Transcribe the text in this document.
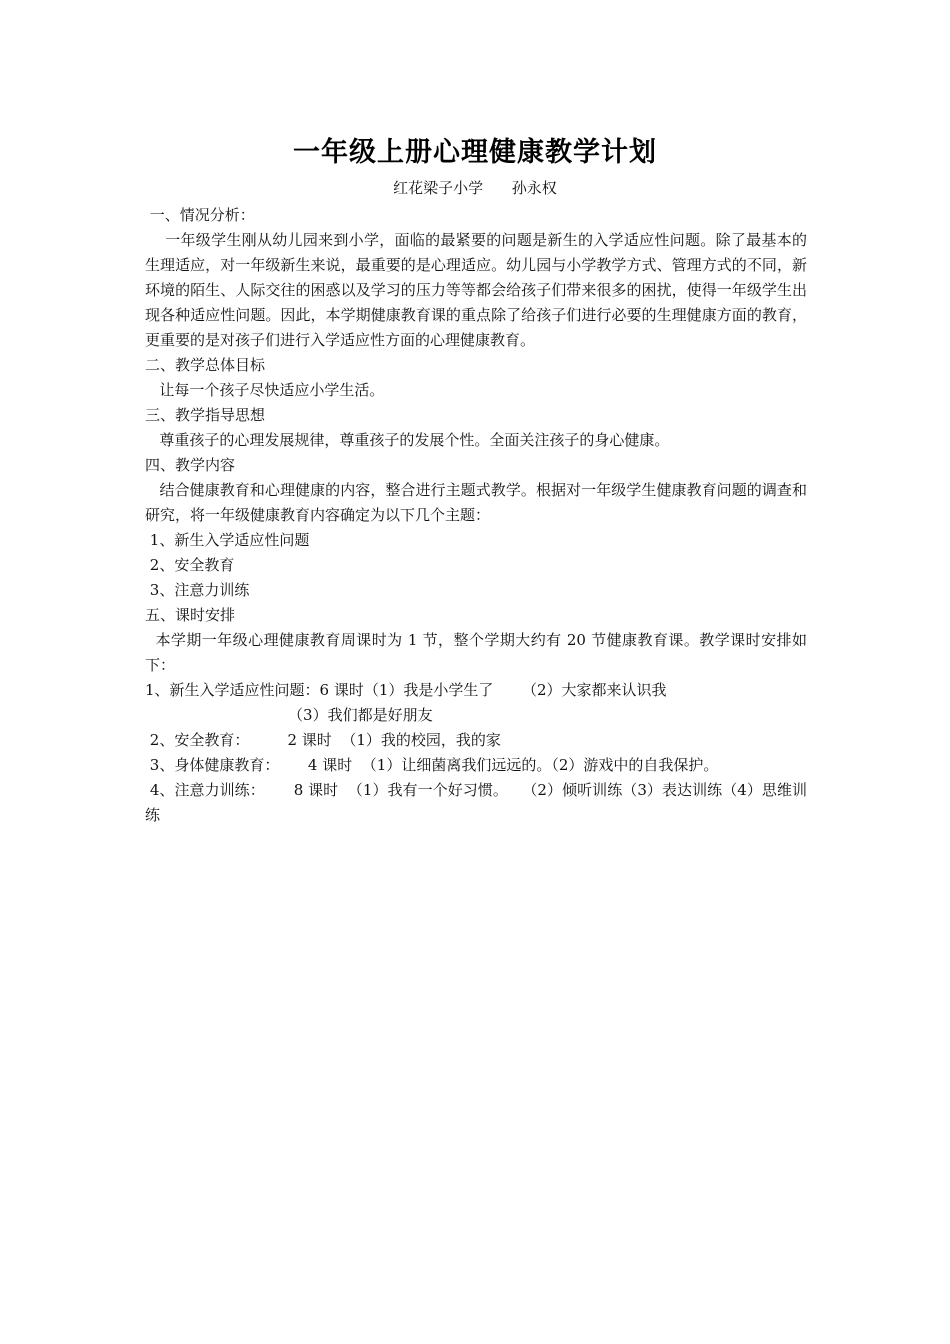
一年级上册心理健康教学计划
红花梁子小学 孙永权

一、情况分析：

一年级学生刚从幼儿园来到小学，面临的最紧要的问题是新生的入学适应性问题。除了最基本的生理适应，对一年级新生来说，最重要的是心理适应。幼儿园与小学教学方式、管理方式的不同，新环境的陌生、人际交往的困惑以及学习的压力等等都会给孩子们带来很多的困扰，使得一年级学生出现各种适应性问题。因此，本学期健康教育课的重点除了给孩子们进行必要的生理健康方面的教育，更重要的是对孩子们进行入学适应性方面的心理健康教育。

二、教学总体目标

让每一个孩子尽快适应小学生活。

三、教学指导思想

尊重孩子的心理发展规律，尊重孩子的发展个性。全面关注孩子的身心健康。

四、教学内容

结合健康教育和心理健康的内容，整合进行主题式教学。根据对一年级学生健康教育问题的调查和研究，将一年级健康教育内容确定为以下几个主题：

1、新生入学适应性问题

2、安全教育

3、注意力训练

五、课时安排

本学期一年级心理健康教育周课时为 1 节，整个学期大约有 20 节健康教育课。教学课时安排如下：

1、新生入学适应性问题：6 课时（1）我是小学生了      （2）大家都来认识我

（3）我们都是好朋友

2、安全教育：        2 课时  （1）我的校园，我的家

3、身体健康教育：      4 课时  （1）让细菌离我们远远的。（2）游戏中的自我保护。

4、注意力训练：      8 课时  （1）我有一个好习惯。   （2）倾听训练（3）表达训练（4）思维训练
